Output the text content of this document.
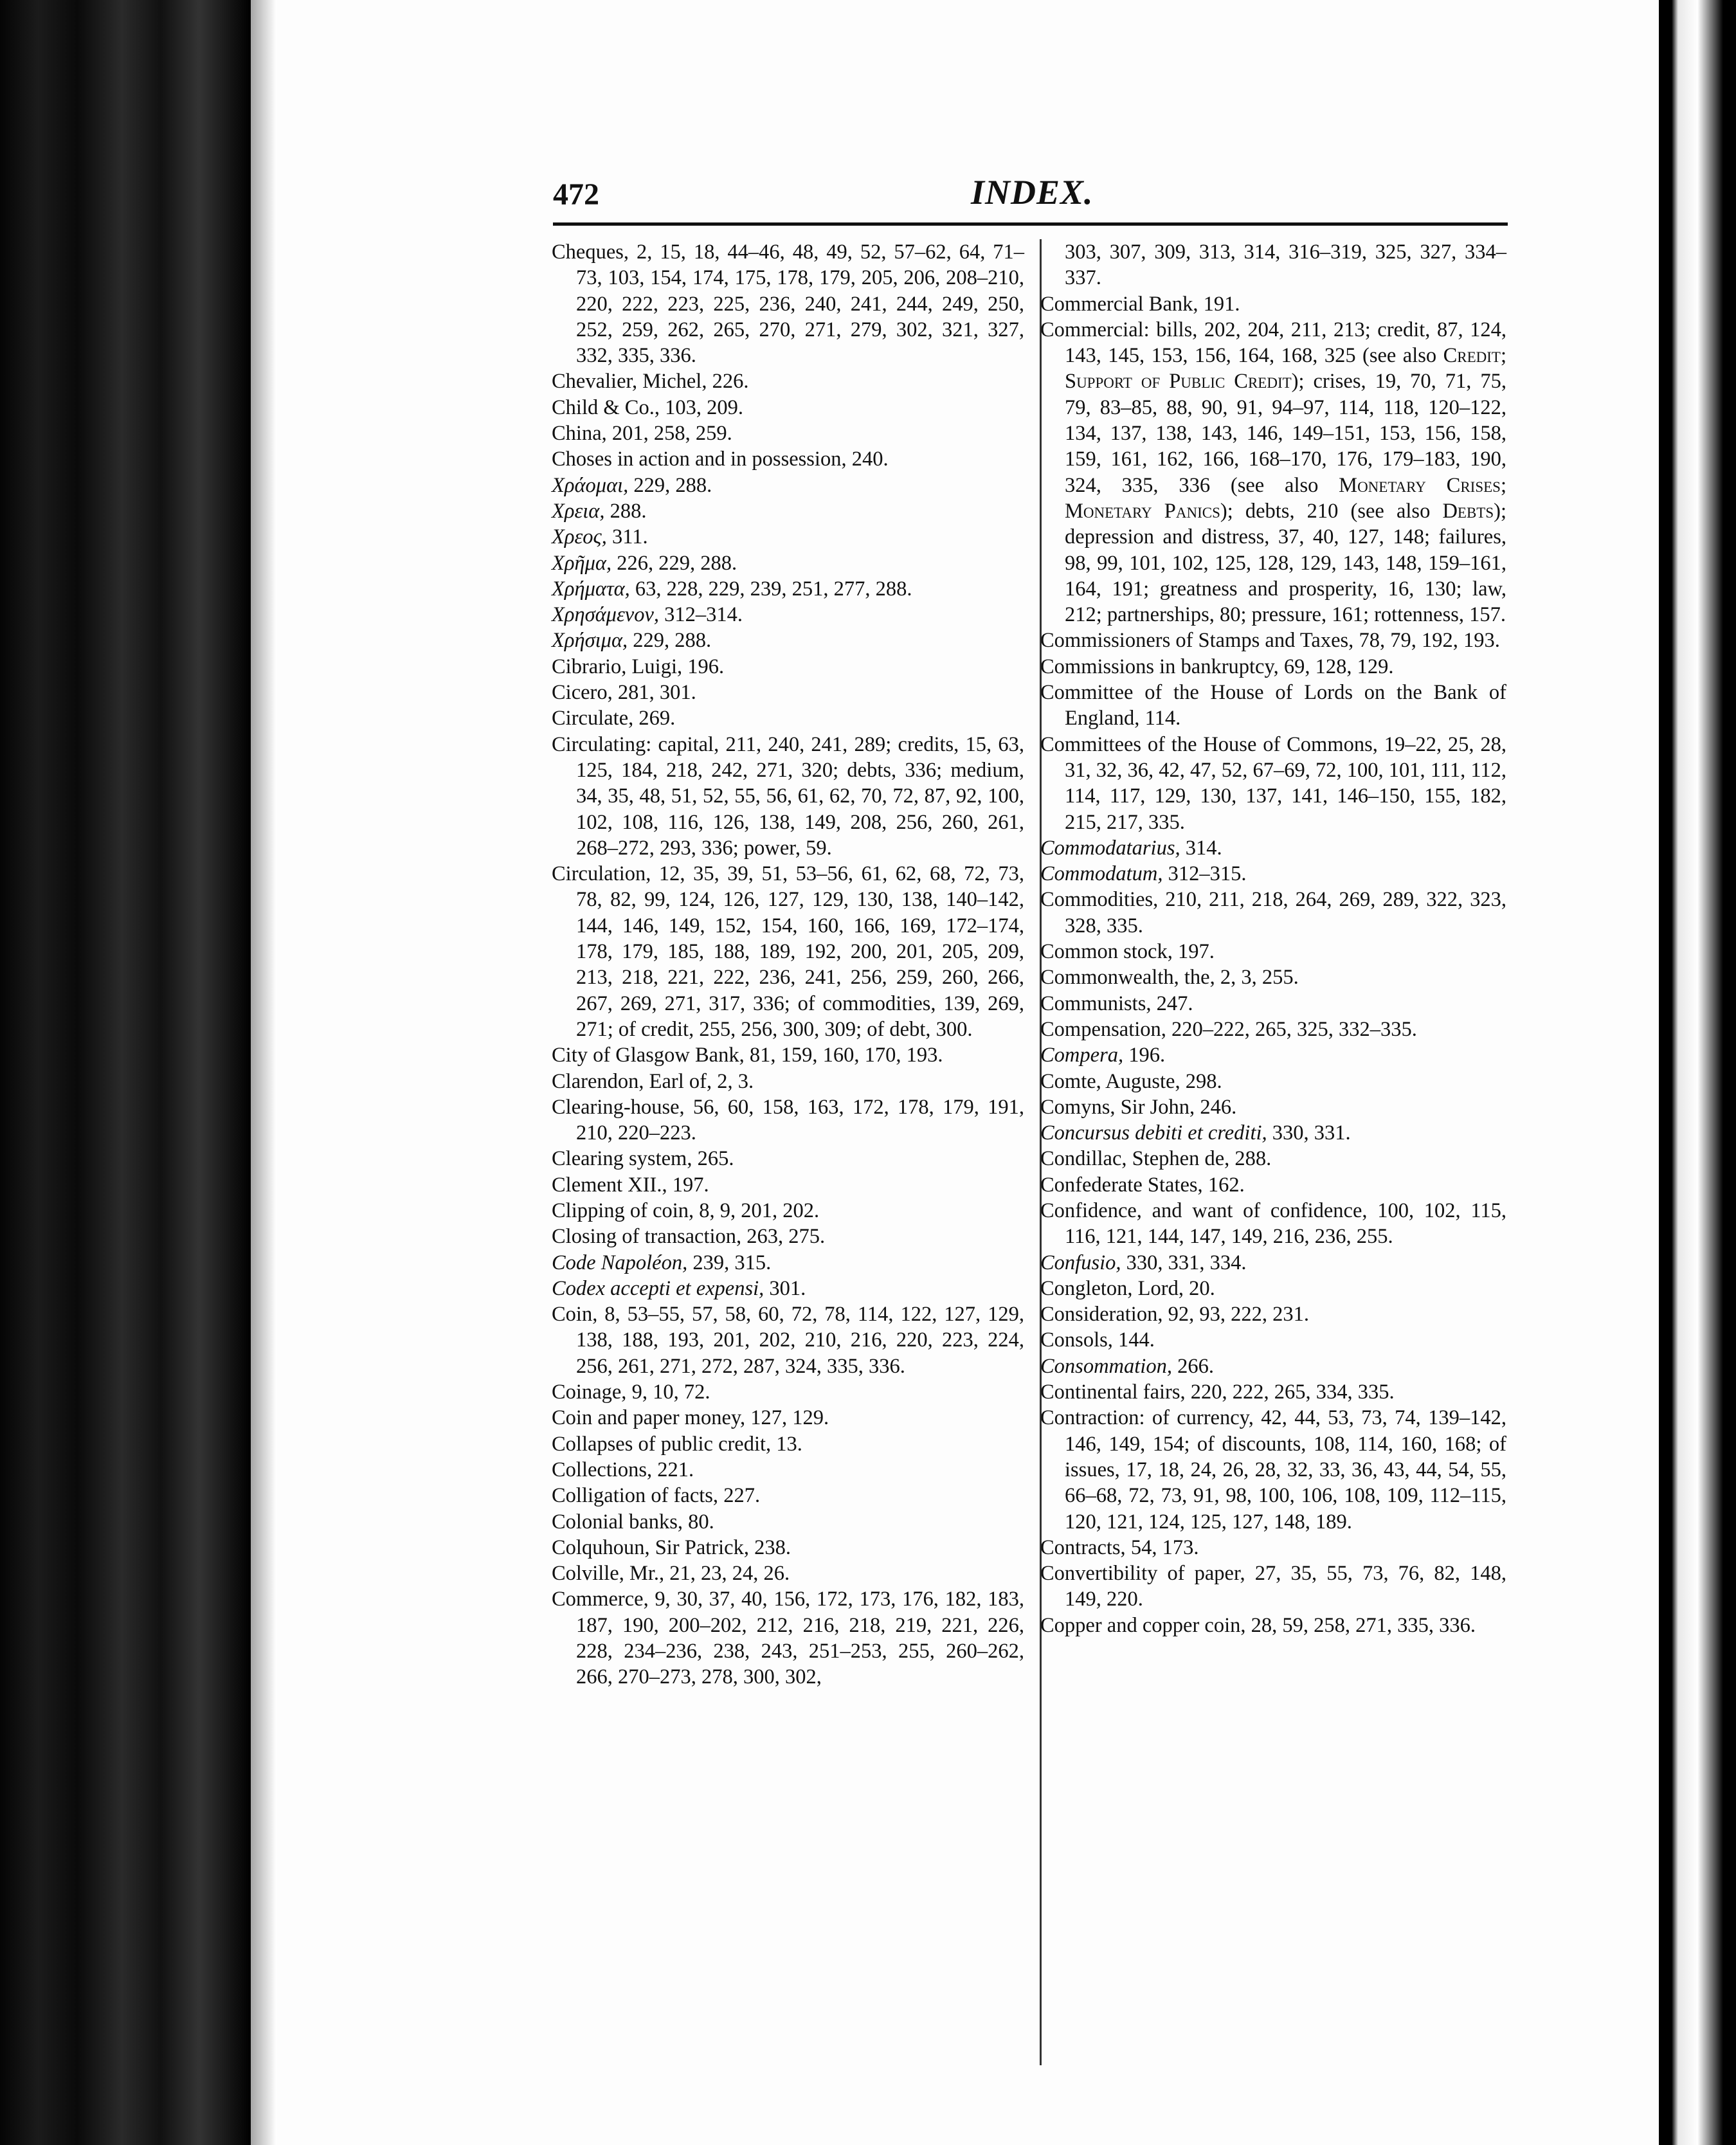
472	INDEX.
Cheques, 2, 15, 18, 44–46, 48, 49, 52, 57–62, 64, 71–73, 103, 154, 174, 175, 178, 179, 205, 206, 208–210, 220, 222, 223, 225, 236, 240, 241, 244, 249, 250, 252, 259, 262, 265, 270, 271, 279, 302, 321, 327, 332, 335, 336.
Chevalier, Michel, 226.
Child & Co., 103, 209.
China, 201, 258, 259.
Choses in action and in possession, 240.
Χράομαι, 229, 288.
Χρεια, 288.
Χρεος, 311.
Χρῆμα, 226, 229, 288.
Χρήματα, 63, 228, 229, 239, 251, 277, 288.
Χρησάμενον, 312–314.
Χρήσιμα, 229, 288.
Cibrario, Luigi, 196.
Cicero, 281, 301.
Circulate, 269.
Circulating: capital, 211, 240, 241, 289; credits, 15, 63, 125, 184, 218, 242, 271, 320; debts, 336; medium, 34, 35, 48, 51, 52, 55, 56, 61, 62, 70, 72, 87, 92, 100, 102, 108, 116, 126, 138, 149, 208, 256, 260, 261, 268–272, 293, 336; power, 59.
Circulation, 12, 35, 39, 51, 53–56, 61, 62, 68, 72, 73, 78, 82, 99, 124, 126, 127, 129, 130, 138, 140–142, 144, 146, 149, 152, 154, 160, 166, 169, 172–174, 178, 179, 185, 188, 189, 192, 200, 201, 205, 209, 213, 218, 221, 222, 236, 241, 256, 259, 260, 266, 267, 269, 271, 317, 336; of commodities, 139, 269, 271; of credit, 255, 256, 300, 309; of debt, 300.
City of Glasgow Bank, 81, 159, 160, 170, 193.
Clarendon, Earl of, 2, 3.
Clearing-house, 56, 60, 158, 163, 172, 178, 179, 191, 210, 220–223.
Clearing system, 265.
Clement XII., 197.
Clipping of coin, 8, 9, 201, 202.
Closing of transaction, 263, 275.
Code Napoléon, 239, 315.
Codex accepti et expensi, 301.
Coin, 8, 53–55, 57, 58, 60, 72, 78, 114, 122, 127, 129, 138, 188, 193, 201, 202, 210, 216, 220, 223, 224, 256, 261, 271, 272, 287, 324, 335, 336.
Coinage, 9, 10, 72.
Coin and paper money, 127, 129.
Collapses of public credit, 13.
Collections, 221.
Colligation of facts, 227.
Colonial banks, 80.
Colquhoun, Sir Patrick, 238.
Colville, Mr., 21, 23, 24, 26.
Commerce, 9, 30, 37, 40, 156, 172, 173, 176, 182, 183, 187, 190, 200–202, 212, 216, 218, 219, 221, 226, 228, 234–236, 238, 243, 251–253, 255, 260–262, 266, 270–273, 278, 300, 302,
303, 307, 309, 313, 314, 316–319, 325, 327, 334–337.
Commercial Bank, 191.
Commercial: bills, 202, 204, 211, 213; credit, 87, 124, 143, 145, 153, 156, 164, 168, 325 (see also Credit; Support of Public Credit); crises, 19, 70, 71, 75, 79, 83–85, 88, 90, 91, 94–97, 114, 118, 120–122, 134, 137, 138, 143, 146, 149–151, 153, 156, 158, 159, 161, 162, 166, 168–170, 176, 179–183, 190, 324, 335, 336 (see also Monetary Crises; Monetary Panics); debts, 210 (see also Debts); depression and distress, 37, 40, 127, 148; failures, 98, 99, 101, 102, 125, 128, 129, 143, 148, 159–161, 164, 191; greatness and prosperity, 16, 130; law, 212; partnerships, 80; pressure, 161; rottenness, 157.
Commissioners of Stamps and Taxes, 78, 79, 192, 193.
Commissions in bankruptcy, 69, 128, 129.
Committee of the House of Lords on the Bank of England, 114.
Committees of the House of Commons, 19–22, 25, 28, 31, 32, 36, 42, 47, 52, 67–69, 72, 100, 101, 111, 112, 114, 117, 129, 130, 137, 141, 146–150, 155, 182, 215, 217, 335.
Commodatarius, 314.
Commodatum, 312–315.
Commodities, 210, 211, 218, 264, 269, 289, 322, 323, 328, 335.
Common stock, 197.
Commonwealth, the, 2, 3, 255.
Communists, 247.
Compensation, 220–222, 265, 325, 332–335.
Compera, 196.
Comte, Auguste, 298.
Comyns, Sir John, 246.
Concursus debiti et crediti, 330, 331.
Condillac, Stephen de, 288.
Confederate States, 162.
Confidence, and want of confidence, 100, 102, 115, 116, 121, 144, 147, 149, 216, 236, 255.
Confusio, 330, 331, 334.
Congleton, Lord, 20.
Consideration, 92, 93, 222, 231.
Consols, 144.
Consommation, 266.
Continental fairs, 220, 222, 265, 334, 335.
Contraction: of currency, 42, 44, 53, 73, 74, 139–142, 146, 149, 154; of discounts, 108, 114, 160, 168; of issues, 17, 18, 24, 26, 28, 32, 33, 36, 43, 44, 54, 55, 66–68, 72, 73, 91, 98, 100, 106, 108, 109, 112–115, 120, 121, 124, 125, 127, 148, 189.
Contracts, 54, 173.
Convertibility of paper, 27, 35, 55, 73, 76, 82, 148, 149, 220.
Copper and copper coin, 28, 59, 258, 271, 335, 336.
